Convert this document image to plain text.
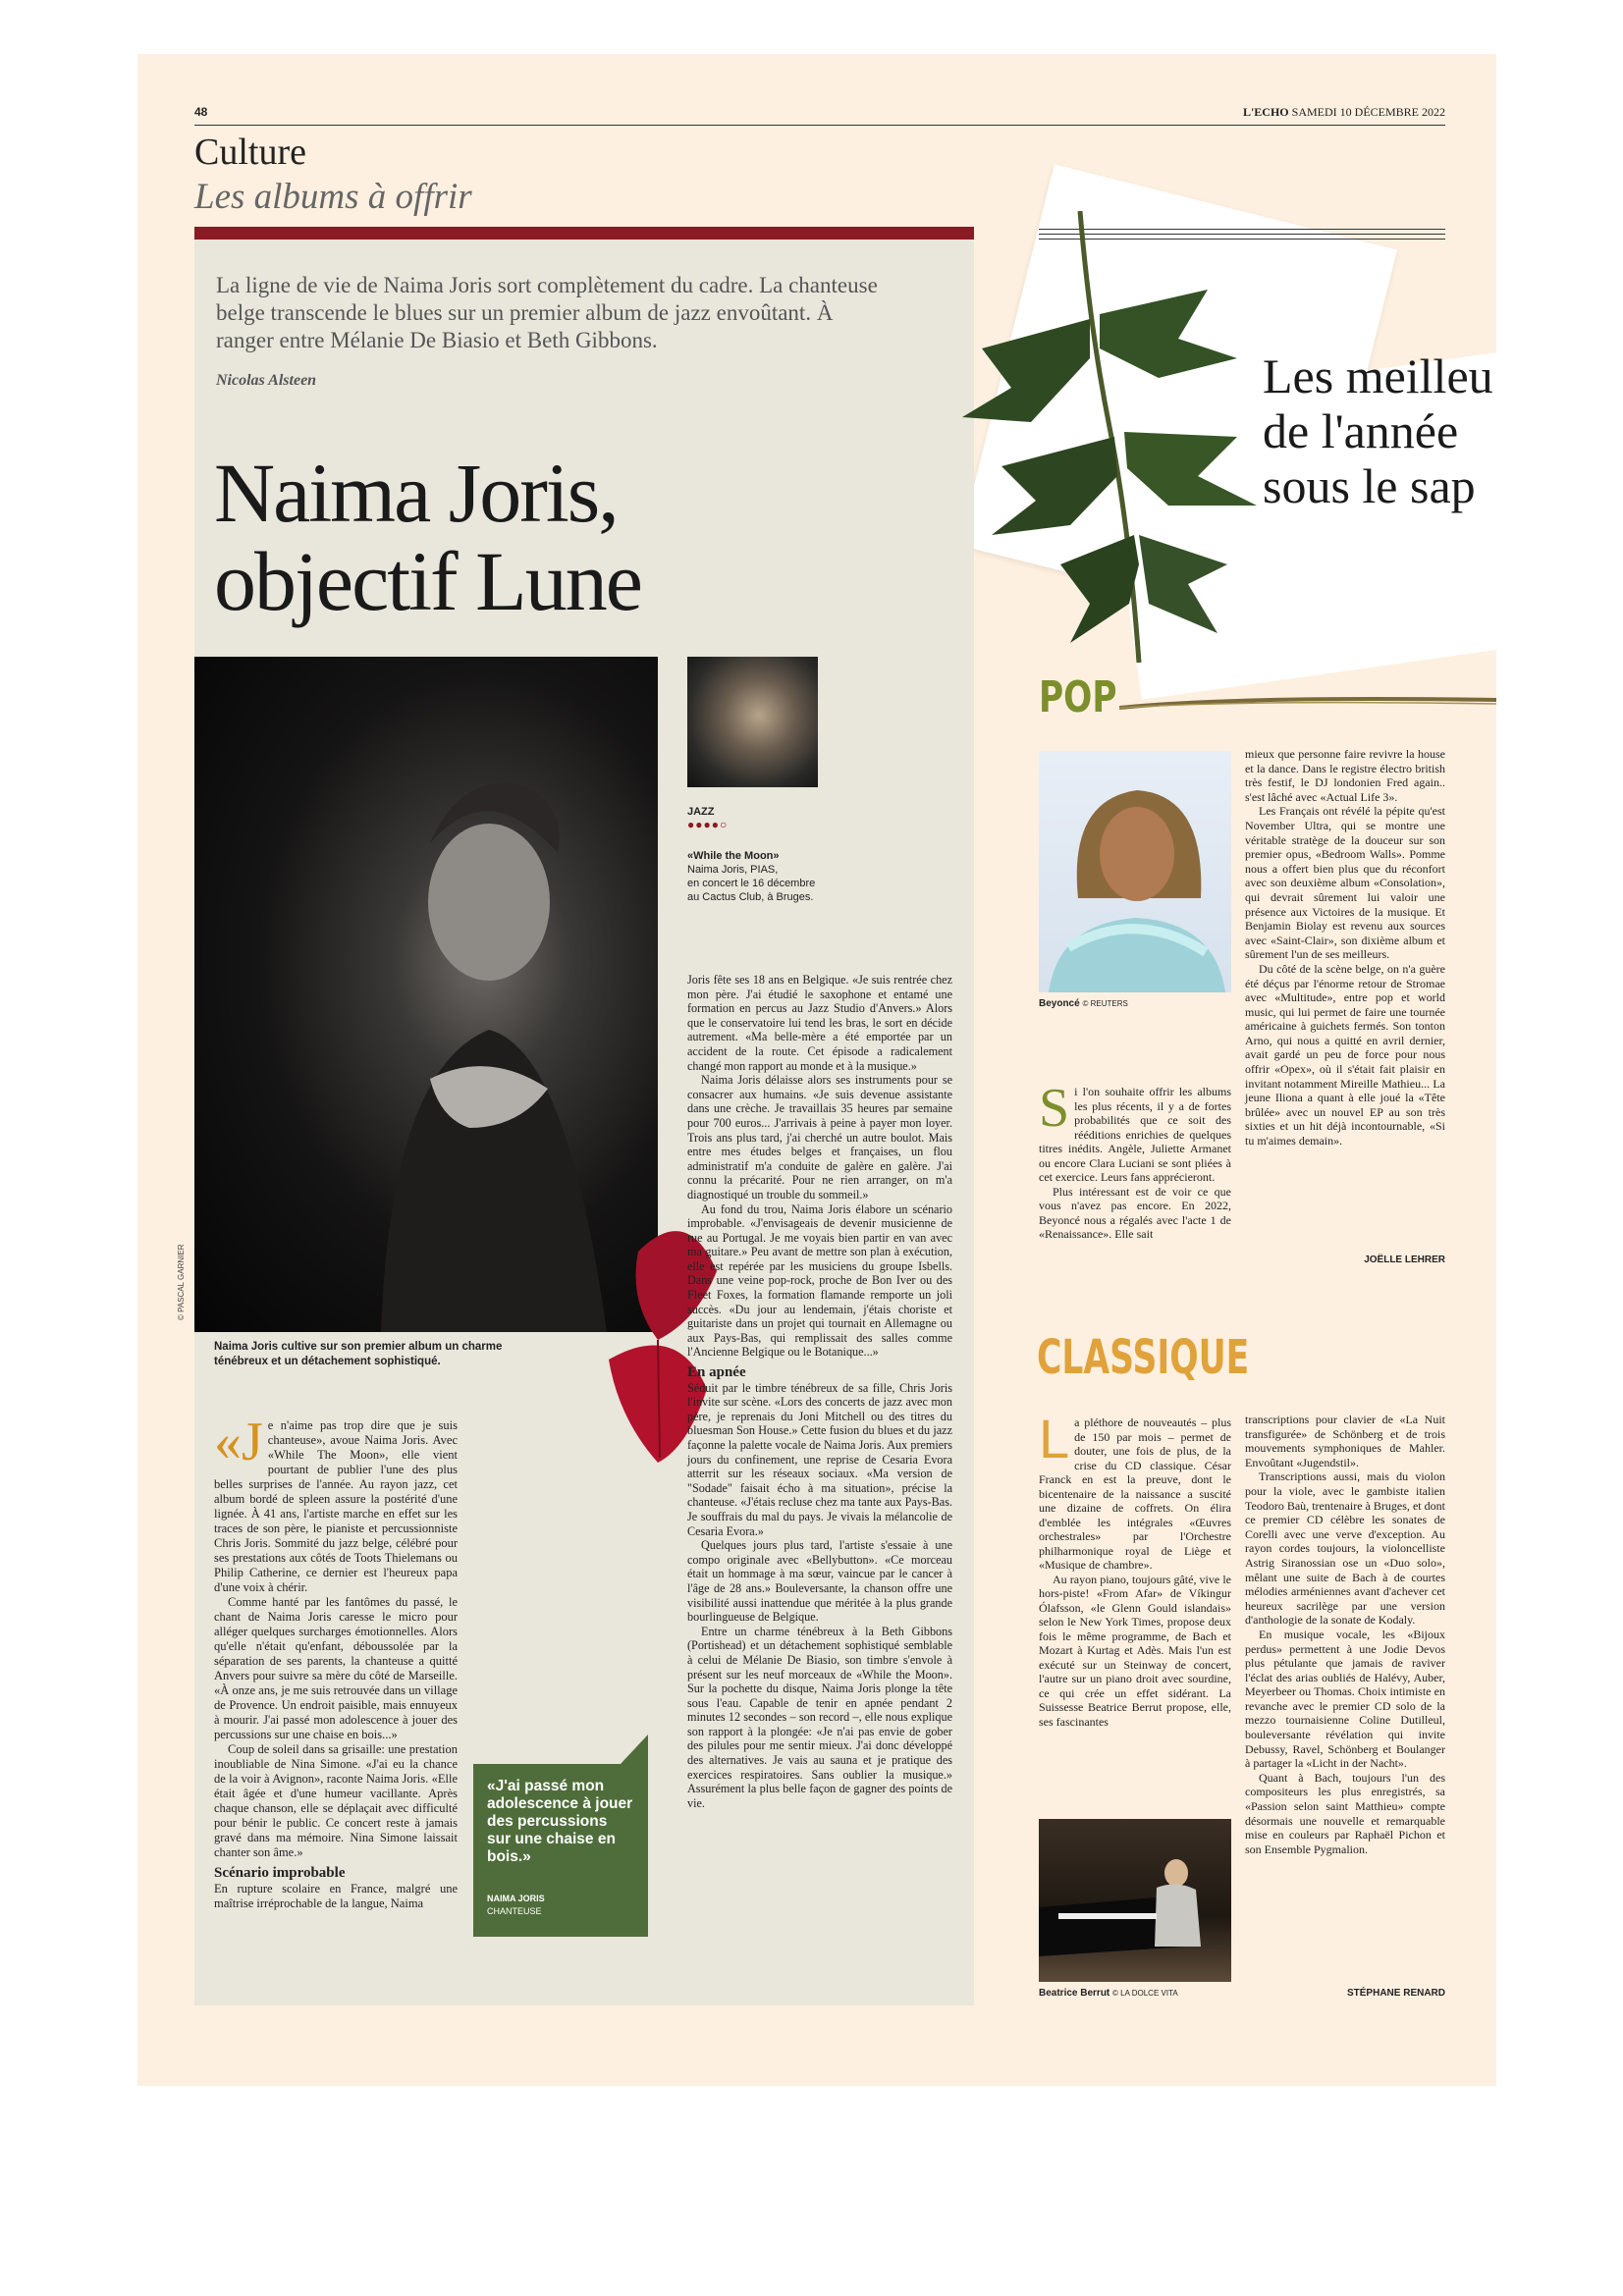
48	L'ECHO SAMEDI 10 DÉCEMBRE 2022
Culture
Les albums à offrir
La ligne de vie de Naima Joris sort complètement du cadre. La chanteuse belge transcende le blues sur un premier album de jazz envoûtant. À ranger entre Mélanie De Biasio et Beth Gibbons.
Nicolas Alsteen
Naima Joris,
objectif Lune
© PASCAL GARNIER
Naima Joris cultive sur son premier album un charme ténébreux et un détachement sophistiqué.
JAZZ
●●●●○
«While the Moon»
Naima Joris, PIAS,
en concert le 16 décembre
au Cactus Club, à Bruges.

«Je n'aime pas trop dire que je suis chanteuse», avoue Naima Joris. Avec «While The Moon», elle vient pourtant de publier l'une des plus belles surprises de l'année. Au rayon jazz, cet album bordé de spleen assure la postérité d'une lignée. À 41 ans, l'artiste marche en effet sur les traces de son père, le pianiste et percussionniste Chris Joris. Sommité du jazz belge, célébré pour ses prestations aux côtés de Toots Thielemans ou Philip Catherine, ce dernier est l'heureux papa d'une voix à chérir.

Comme hanté par les fantômes du passé, le chant de Naima Joris caresse le micro pour alléger quelques surcharges émotionnelles. Alors qu'elle n'était qu'enfant, déboussolée par la séparation de ses parents, la chanteuse a quitté Anvers pour suivre sa mère du côté de Marseille. «À onze ans, je me suis retrouvée dans un village de Provence. Un endroit paisible, mais ennuyeux à mourir. J'ai passé mon adolescence à jouer des percussions sur une chaise en bois...»

Coup de soleil dans sa grisaille: une prestation inoubliable de Nina Simone. «J'ai eu la chance de la voir à Avignon», raconte Naima Joris. «Elle était âgée et d'une humeur vacillante. Après chaque chanson, elle se déplaçait avec difficulté pour bénir le public. Ce concert reste à jamais gravé dans ma mémoire. Nina Simone laissait chanter son âme.»

Scénario improbable

En rupture scolaire en France, malgré une maîtrise irréprochable de la langue, Naima

«J'ai passé mon adolescence à jouer des percussions sur une chaise en bois.»
NAIMA JORIS
CHANTEUSE

Joris fête ses 18 ans en Belgique. «Je suis rentrée chez mon père. J'ai étudié le saxophone et entamé une formation en percus au Jazz Studio d'Anvers.» Alors que le conservatoire lui tend les bras, le sort en décide autrement. «Ma belle-mère a été emportée par un accident de la route. Cet épisode a radicalement changé mon rapport au monde et à la musique.»

Naima Joris délaisse alors ses instruments pour se consacrer aux humains. «Je suis devenue assistante dans une crèche. Je travaillais 35 heures par semaine pour 700 euros... J'arrivais à peine à payer mon loyer. Trois ans plus tard, j'ai cherché un autre boulot. Mais entre mes études belges et françaises, un flou administratif m'a conduite de galère en galère. J'ai connu la précarité. Pour ne rien arranger, on m'a diagnostiqué un trouble du sommeil.»

Au fond du trou, Naima Joris élabore un scénario improbable. «J'envisageais de devenir musicienne de rue au Portugal. Je me voyais bien partir en van avec ma guitare.» Peu avant de mettre son plan à exécution, elle est repérée par les musiciens du groupe Isbells. Dans une veine pop-rock, proche de Bon Iver ou des Fleet Foxes, la formation flamande remporte un joli succès. «Du jour au lendemain, j'étais choriste et guitariste dans un projet qui tournait en Allemagne ou aux Pays-Bas, qui remplissait des salles comme l'Ancienne Belgique ou le Botanique...»

En apnée

Séduit par le timbre ténébreux de sa fille, Chris Joris l'invite sur scène. «Lors des concerts de jazz avec mon père, je reprenais du Joni Mitchell ou des titres du bluesman Son House.» Cette fusion du blues et du jazz façonne la palette vocale de Naima Joris. Aux premiers jours du confinement, une reprise de Cesaria Evora atterrit sur les réseaux sociaux. «Ma version de "Sodade" faisait écho à ma situation», précise la chanteuse. «J'étais recluse chez ma tante aux Pays-Bas. Je souffrais du mal du pays. Je vivais la mélancolie de Cesaria Evora.»

Quelques jours plus tard, l'artiste s'essaie à une compo originale avec «Bellybutton». «Ce morceau était un hommage à ma sœur, vaincue par le cancer à l'âge de 28 ans.» Bouleversante, la chanson offre une visibilité aussi inattendue que méritée à la plus grande bourlingueuse de Belgique.

Entre un charme ténébreux à la Beth Gibbons (Portishead) et un détachement sophistiqué semblable à celui de Mélanie De Biasio, son timbre s'envole à présent sur les neuf morceaux de «While the Moon». Sur la pochette du disque, Naima Joris plonge la tête sous l'eau. Capable de tenir en apnée pendant 2 minutes 12 secondes – son record –, elle nous explique son rapport à la plongée: «Je n'ai pas envie de gober des pilules pour me sentir mieux. J'ai donc développé des alternatives. Je vais au sauna et je pratique des exercices respiratoires. Sans oublier la musique.» Assurément la plus belle façon de gagner des points de vie.

Les meilleu
de l'année
sous le sap
POP
Beyoncé © REUTERS

Si l'on souhaite offrir les albums les plus récents, il y a de fortes probabilités que ce soit des rééditions enrichies de quelques titres inédits. Angèle, Juliette Armanet ou encore Clara Luciani se sont pliées à cet exercice. Leurs fans apprécieront.

Plus intéressant est de voir ce que vous n'avez pas encore. En 2022, Beyoncé nous a régalés avec l'acte 1 de «Renaissance». Elle sait

mieux que personne faire revivre la house et la dance. Dans le registre électro british très festif, le DJ londonien Fred again.. s'est lâché avec «Actual Life 3».

Les Français ont révélé la pépite qu'est November Ultra, qui se montre une véritable stratège de la douceur sur son premier opus, «Bedroom Walls». Pomme nous a offert bien plus que du réconfort avec son deuxième album «Consolation», qui devrait sûrement lui valoir une présence aux Victoires de la musique. Et Benjamin Biolay est revenu aux sources avec «Saint-Clair», son dixième album et sûrement l'un de ses meilleurs.

Du côté de la scène belge, on n'a guère été déçus par l'énorme retour de Stromae avec «Multitude», entre pop et world music, qui lui permet de faire une tournée américaine à guichets fermés. Son tonton Arno, qui nous a quitté en avril dernier, avait gardé un peu de force pour nous offrir «Opex», où il s'était fait plaisir en invitant notamment Mireille Mathieu... La jeune Iliona a quant à elle joué la «Tête brûlée» avec un nouvel EP au son très sixties et un hit déjà incontournable, «Si tu m'aimes demain».

JOËLLE LEHRER
CLASSIQUE

La pléthore de nouveautés – plus de 150 par mois – permet de douter, une fois de plus, de la crise du CD classique. César Franck en est la preuve, dont le bicentenaire de la naissance a suscité une dizaine de coffrets. On élira d'emblée les intégrales «Œuvres orchestrales» par l'Orchestre philharmonique royal de Liège et «Musique de chambre».

Au rayon piano, toujours gâté, vive le hors-piste! «From Afar» de Víkingur Ólafsson, «le Glenn Gould islandais» selon le New York Times, propose deux fois le même programme, de Bach et Mozart à Kurtag et Adès. Mais l'un est exécuté sur un Steinway de concert, l'autre sur un piano droit avec sourdine, ce qui crée un effet sidérant. La Suissesse Beatrice Berrut propose, elle, ses fascinantes

Beatrice Berrut © LA DOLCE VITA

transcriptions pour clavier de «La Nuit transfigurée» de Schönberg et de trois mouvements symphoniques de Mahler. Envoûtant «Jugendstil».

Transcriptions aussi, mais du violon pour la viole, avec le gambiste italien Teodoro Baù, trentenaire à Bruges, et dont ce premier CD célèbre les sonates de Corelli avec une verve d'exception. Au rayon cordes toujours, la violoncelliste Astrig Siranossian ose un «Duo solo», mêlant une suite de Bach à de courtes mélodies arméniennes avant d'achever cet heureux sacrilège par une version d'anthologie de la sonate de Kodaly.

En musique vocale, les «Bijoux perdus» permettent à une Jodie Devos plus pétulante que jamais de raviver l'éclat des arias oubliés de Halévy, Auber, Meyerbeer ou Thomas. Choix intimiste en revanche avec le premier CD solo de la mezzo tournaisienne Coline Dutilleul, bouleversante révélation qui invite Debussy, Ravel, Schönberg et Boulanger à partager la «Licht in der Nacht».

Quant à Bach, toujours l'un des compositeurs les plus enregistrés, sa «Passion selon saint Matthieu» compte désormais une nouvelle et remarquable mise en couleurs par Raphaël Pichon et son Ensemble Pygmalion.

STÉPHANE RENARD
